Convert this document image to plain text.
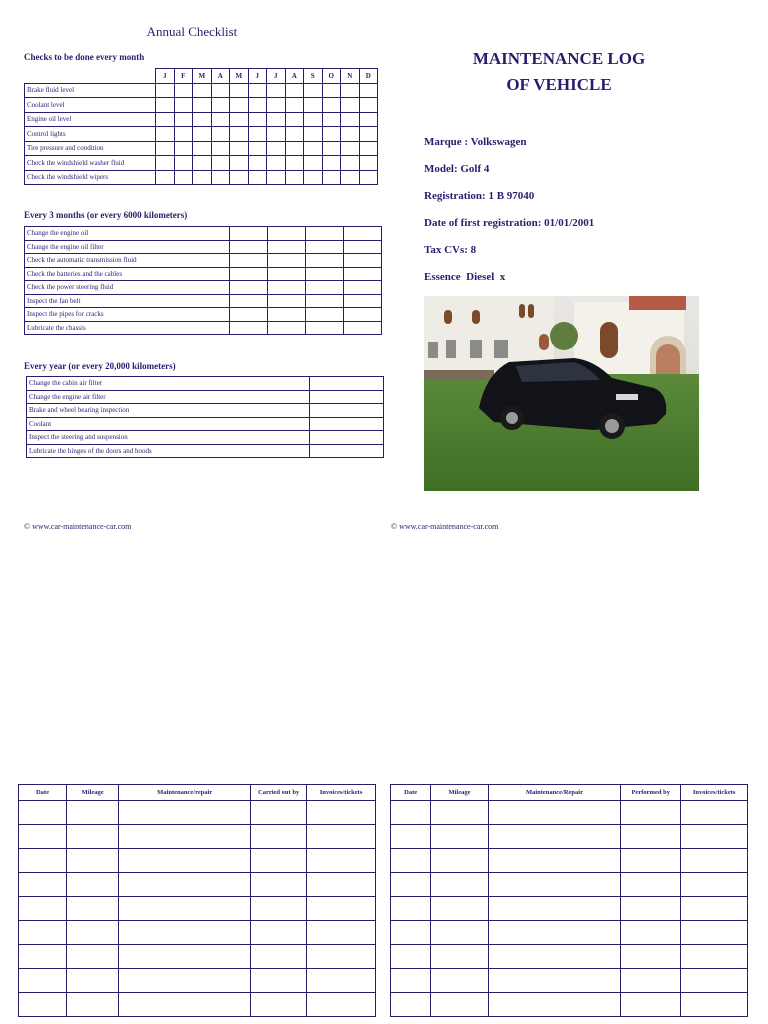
Annual Checklist
Checks to be done every month
	J	F	M	A	M	J	J	A	S	O	N	D
Brake fluid level												
Coolant level												
Engine oil level												
Control lights												
Tire pressure and condition												
Check the windshield washer fluid												
Check the windshield wipers												
Every 3 months (or every 6000 kilometers)
Change the engine oil				
Change the engine oil filter				
Check the automatic transmission fluid				
Check the batteries and the cables				
Check the power steering fluid				
Inspect the fan belt				
Inspect the pipes for cracks				
Lubricate the chassis				
Every year (or every 20,000 kilometers)
Change the cabin air filter	
Change the engine air filter	
Brake and wheel bearing inspection	
Coolant	
Inspect the steering and suspension	
Lubricate the hinges of the doors and hoods	
MAINTENANCE LOG
OF VEHICLE
Marque : Volkswagen
Model: Golf 4
Registration: 1 B 97040
Date of first registration: 01/01/2001
Tax CVs: 8
Essence  Diesel  x
© www.car-maintenance-car.com	© www.car-maintenance-car.com
Date	Mileage	Maintenance/repair	Carried out by	Invoices/tickets

					Date	Mileage	Maintenance/Repair	Performed by	Invoices/tickets
